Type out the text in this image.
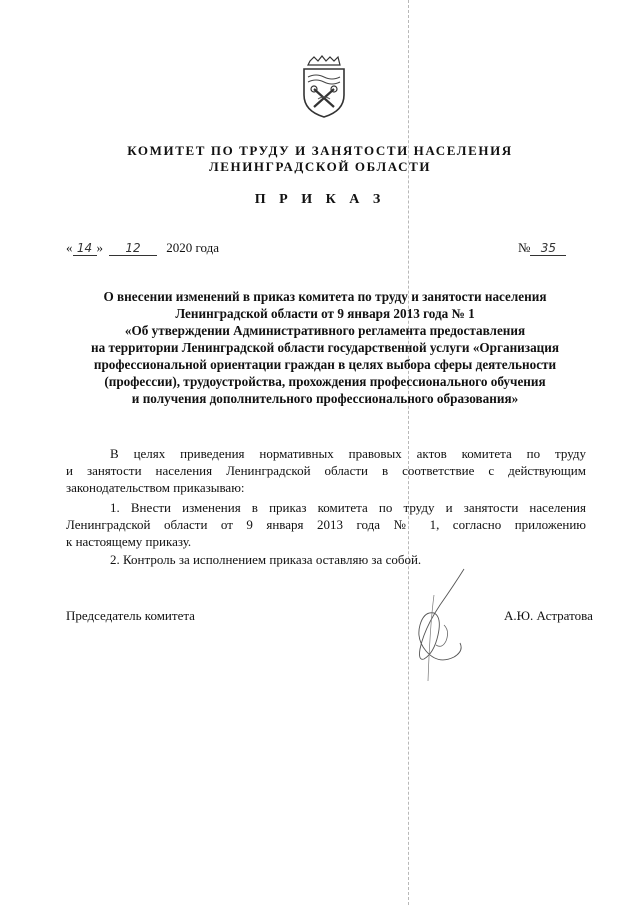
КОМИТЕТ ПО ТРУДУ И ЗАНЯТОСТИ НАСЕЛЕНИЯ
ЛЕНИНГРАДСКОЙ ОБЛАСТИ
П Р И К А З
« 14 » 12 2020 года	№ 35
О внесении изменений в приказ комитета по труду и занятости населения
Ленинградской области от 9 января 2013 года № 1
«Об утверждении Административного регламента предоставления
на территории Ленинградской области государственной услуги «Организация
профессиональной ориентации граждан в целях выбора сферы деятельности
(профессии), трудоустройства, прохождения профессионального обучения
и получения дополнительного профессионального образования»
В целях приведения нормативных правовых актов комитета по труду
и занятости населения Ленинградской области в соответствие с действующим
законодательством приказываю:
1. Внести изменения в приказ комитета по труду и занятости населения
Ленинградской области от 9 января 2013 года № 1, согласно приложению
к настоящему приказу.
2. Контроль за исполнением приказа оставляю за собой.
Председатель комитета	А.Ю. Астратова
